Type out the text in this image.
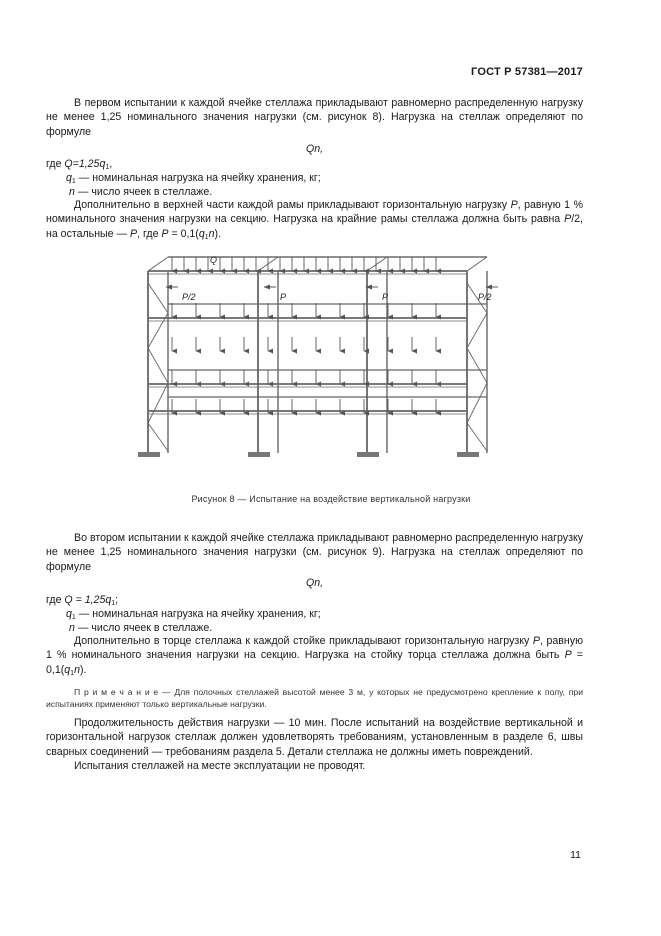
ГОСТ Р 57381—2017
В первом испытании к каждой ячейке стеллажа прикладывают равномерно распределенную нагрузку не менее 1,25 номинального значения нагрузки (см. рисунок 8). Нагрузка на стеллаж определяют по формуле
Qn,
где $Q=1,25q_1$,
$q_1$ — номинальная нагрузка на ячейку хранения, кг;
n — число ячеек в стеллаже.
Дополнительно в верхней части каждой рамы прикладывают горизонтальную нагрузку P, равную 1 % номинального значения нагрузки на секцию. Нагрузка на крайние рамы стеллажа должна быть равна P/2, на остальные — P, где $P = 0,1(q_1n)$.
Q
P/2	P	P	P/2
Рисунок 8 — Испытание на воздействие вертикальной нагрузки
Во втором испытании к каждой ячейке стеллажа прикладывают равномерно распределенную нагрузку не менее 1,25 номинального значения нагрузки (см. рисунок 9). Нагрузка на стеллаж определяют по формуле
Qn,
где $Q = 1,25q_1$;
$q_1$ — номинальная нагрузка на ячейку хранения, кг;
n — число ячеек в стеллаже.
Дополнительно в торце стеллажа к каждой стойке прикладывают горизонтальную нагрузку P, равную 1 % номинального значения нагрузки на секцию. Нагрузка на стойку торца стеллажа должна быть $P = 0,1(q_1n)$.
П р и м е ч а н и е — Для полочных стеллажей высотой менее 3 м, у которых не предусмотрено крепление к полу, при испытаниях применяют только вертикальные нагрузки.
Продолжительность действия нагрузки — 10 мин. После испытаний на воздействие вертикальной и горизонтальной нагрузок стеллаж должен удовлетворять требованиям, установленным в разделе 6, швы сварных соединений — требованиям раздела 5. Детали стеллажа не должны иметь повреждений.
Испытания стеллажей на месте эксплуатации не проводят.
11
